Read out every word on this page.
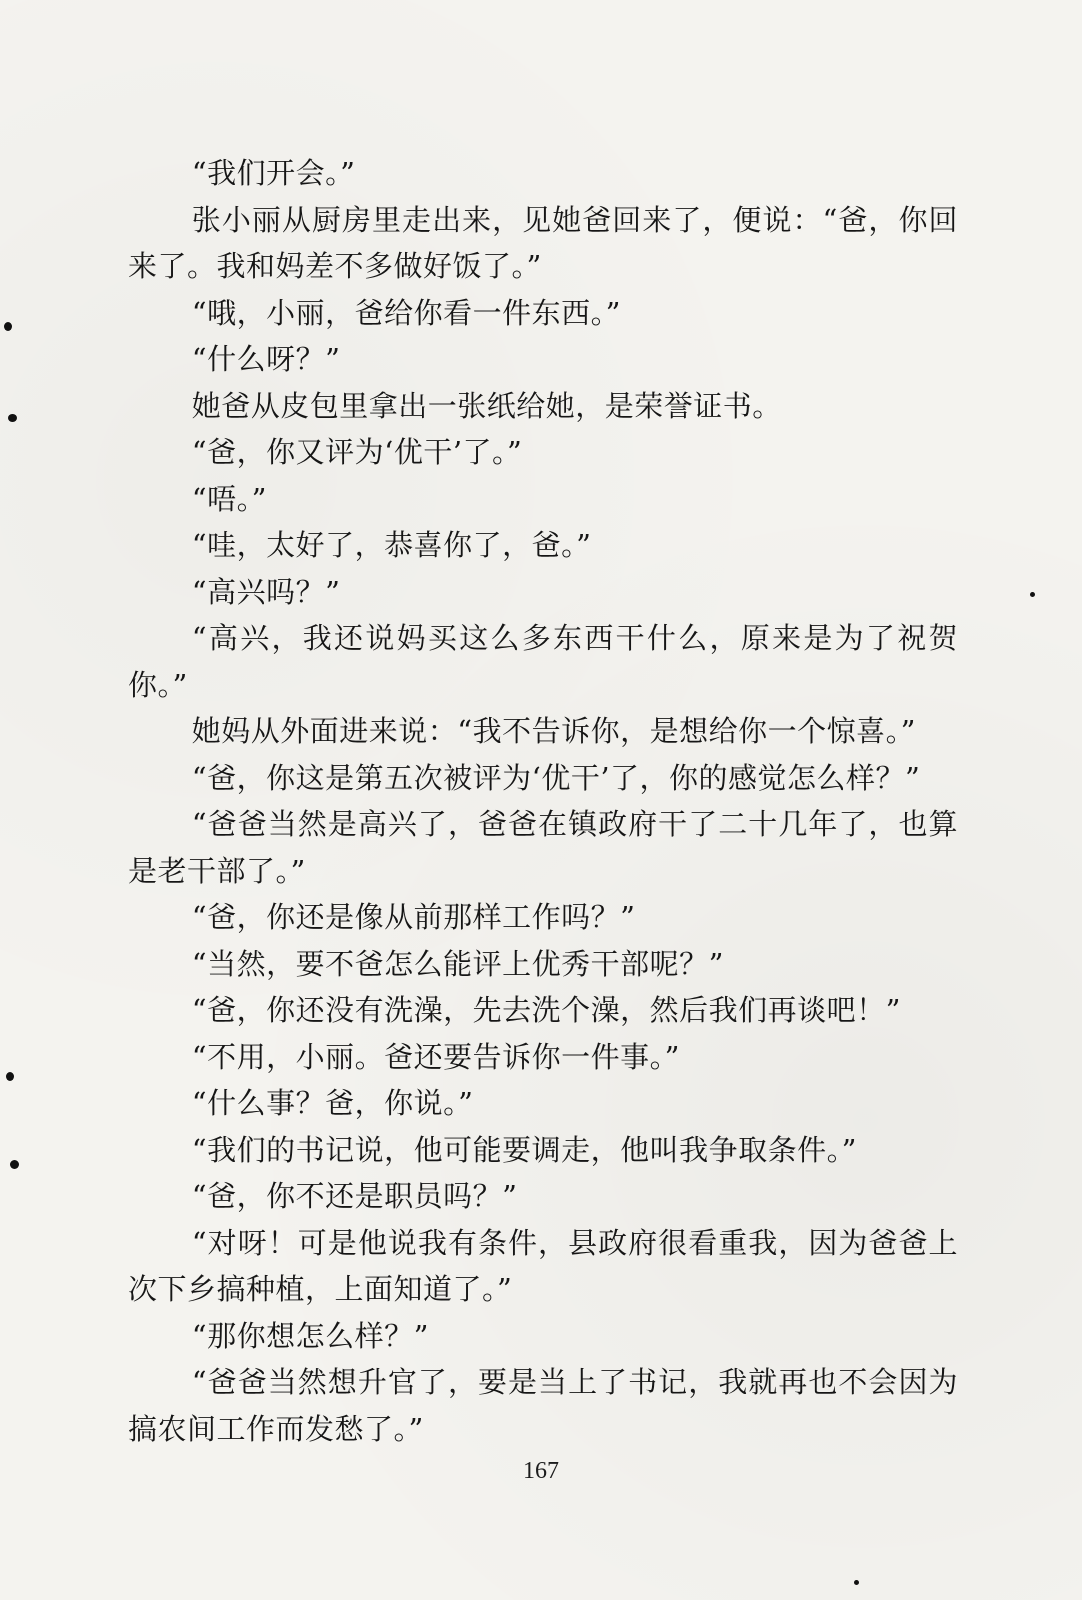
“我们开会。”

张小丽从厨房里走出来，见她爸回来了，便说：“爸，你回来了。我和妈差不多做好饭了。”

“哦，小丽，爸给你看一件东西。”

“什么呀？”

她爸从皮包里拿出一张纸给她，是荣誉证书。

“爸，你又评为‘优干’了。”

“唔。”

“哇，太好了，恭喜你了，爸。”

“高兴吗？”

“高兴，我还说妈买这么多东西干什么，原来是为了祝贺你。”

她妈从外面进来说：“我不告诉你，是想给你一个惊喜。”

“爸，你这是第五次被评为‘优干’了，你的感觉怎么样？”

“爸爸当然是高兴了，爸爸在镇政府干了二十几年了，也算是老干部了。”

“爸，你还是像从前那样工作吗？”

“当然，要不爸怎么能评上优秀干部呢？”

“爸，你还没有洗澡，先去洗个澡，然后我们再谈吧！”

“不用，小丽。爸还要告诉你一件事。”

“什么事？爸，你说。”

“我们的书记说，他可能要调走，他叫我争取条件。”

“爸，你不还是职员吗？”

“对呀！可是他说我有条件，县政府很看重我，因为爸爸上次下乡搞种植，上面知道了。”

“那你想怎么样？”

“爸爸当然想升官了，要是当上了书记，我就再也不会因为搞农间工作而发愁了。”

167
